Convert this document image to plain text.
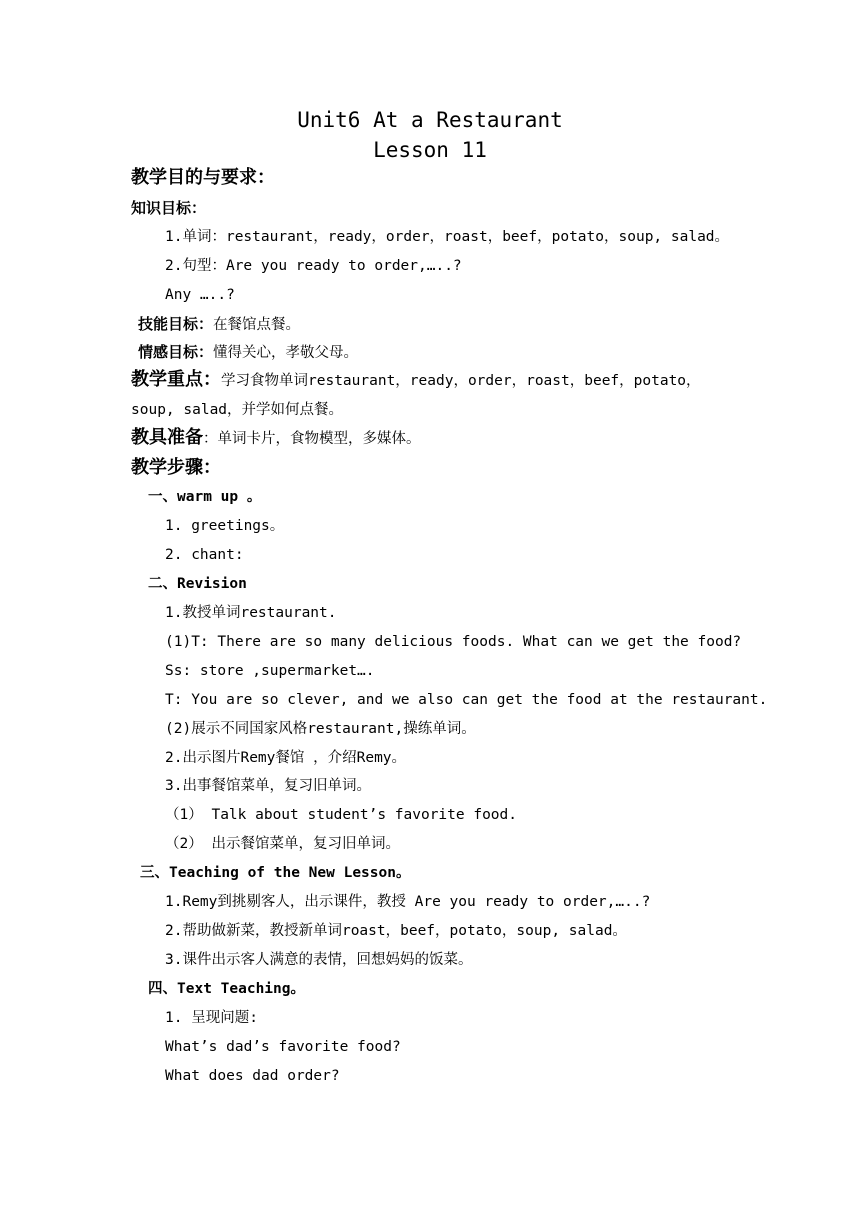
Unit6 At a Restaurant
Lesson 11
教学目的与要求：
知识目标：
1.单词：restaurant，ready，order，roast，beef，potato，soup, salad。
2.句型：Are you ready to order,…..?
Any …..?
技能目标：在餐馆点餐。
情感目标：懂得关心，孝敬父母。
教学重点：学习食物单词restaurant，ready，order，roast，beef，potato，
soup, salad，并学如何点餐。
教具准备：单词卡片，食物模型，多媒体。
教学步骤：
一、warm up 。
1. greetings。
2. chant:
二、Revision
1.教授单词restaurant.
(1)T: There are so many delicious foods. What can we get the food?
Ss: store ,supermarket….
T: You are so clever, and we also can get the food at the restaurant.
(2)展示不同国家风格restaurant,操练单词。
2.出示图片Remy餐馆 ，介绍Remy。
3.出事餐馆菜单，复习旧单词。
（1） Talk about student’s favorite food.
（2） 出示餐馆菜单，复习旧单词。
三、Teaching of the New Lesson。
1.Remy到挑剔客人，出示课件，教授 Are you ready to order,…..?
2.帮助做新菜，教授新单词roast，beef，potato，soup, salad。
3.课件出示客人满意的表情，回想妈妈的饭菜。
四、Text Teaching。
1. 呈现问题:
What’s dad’s favorite food?
What does dad order?
